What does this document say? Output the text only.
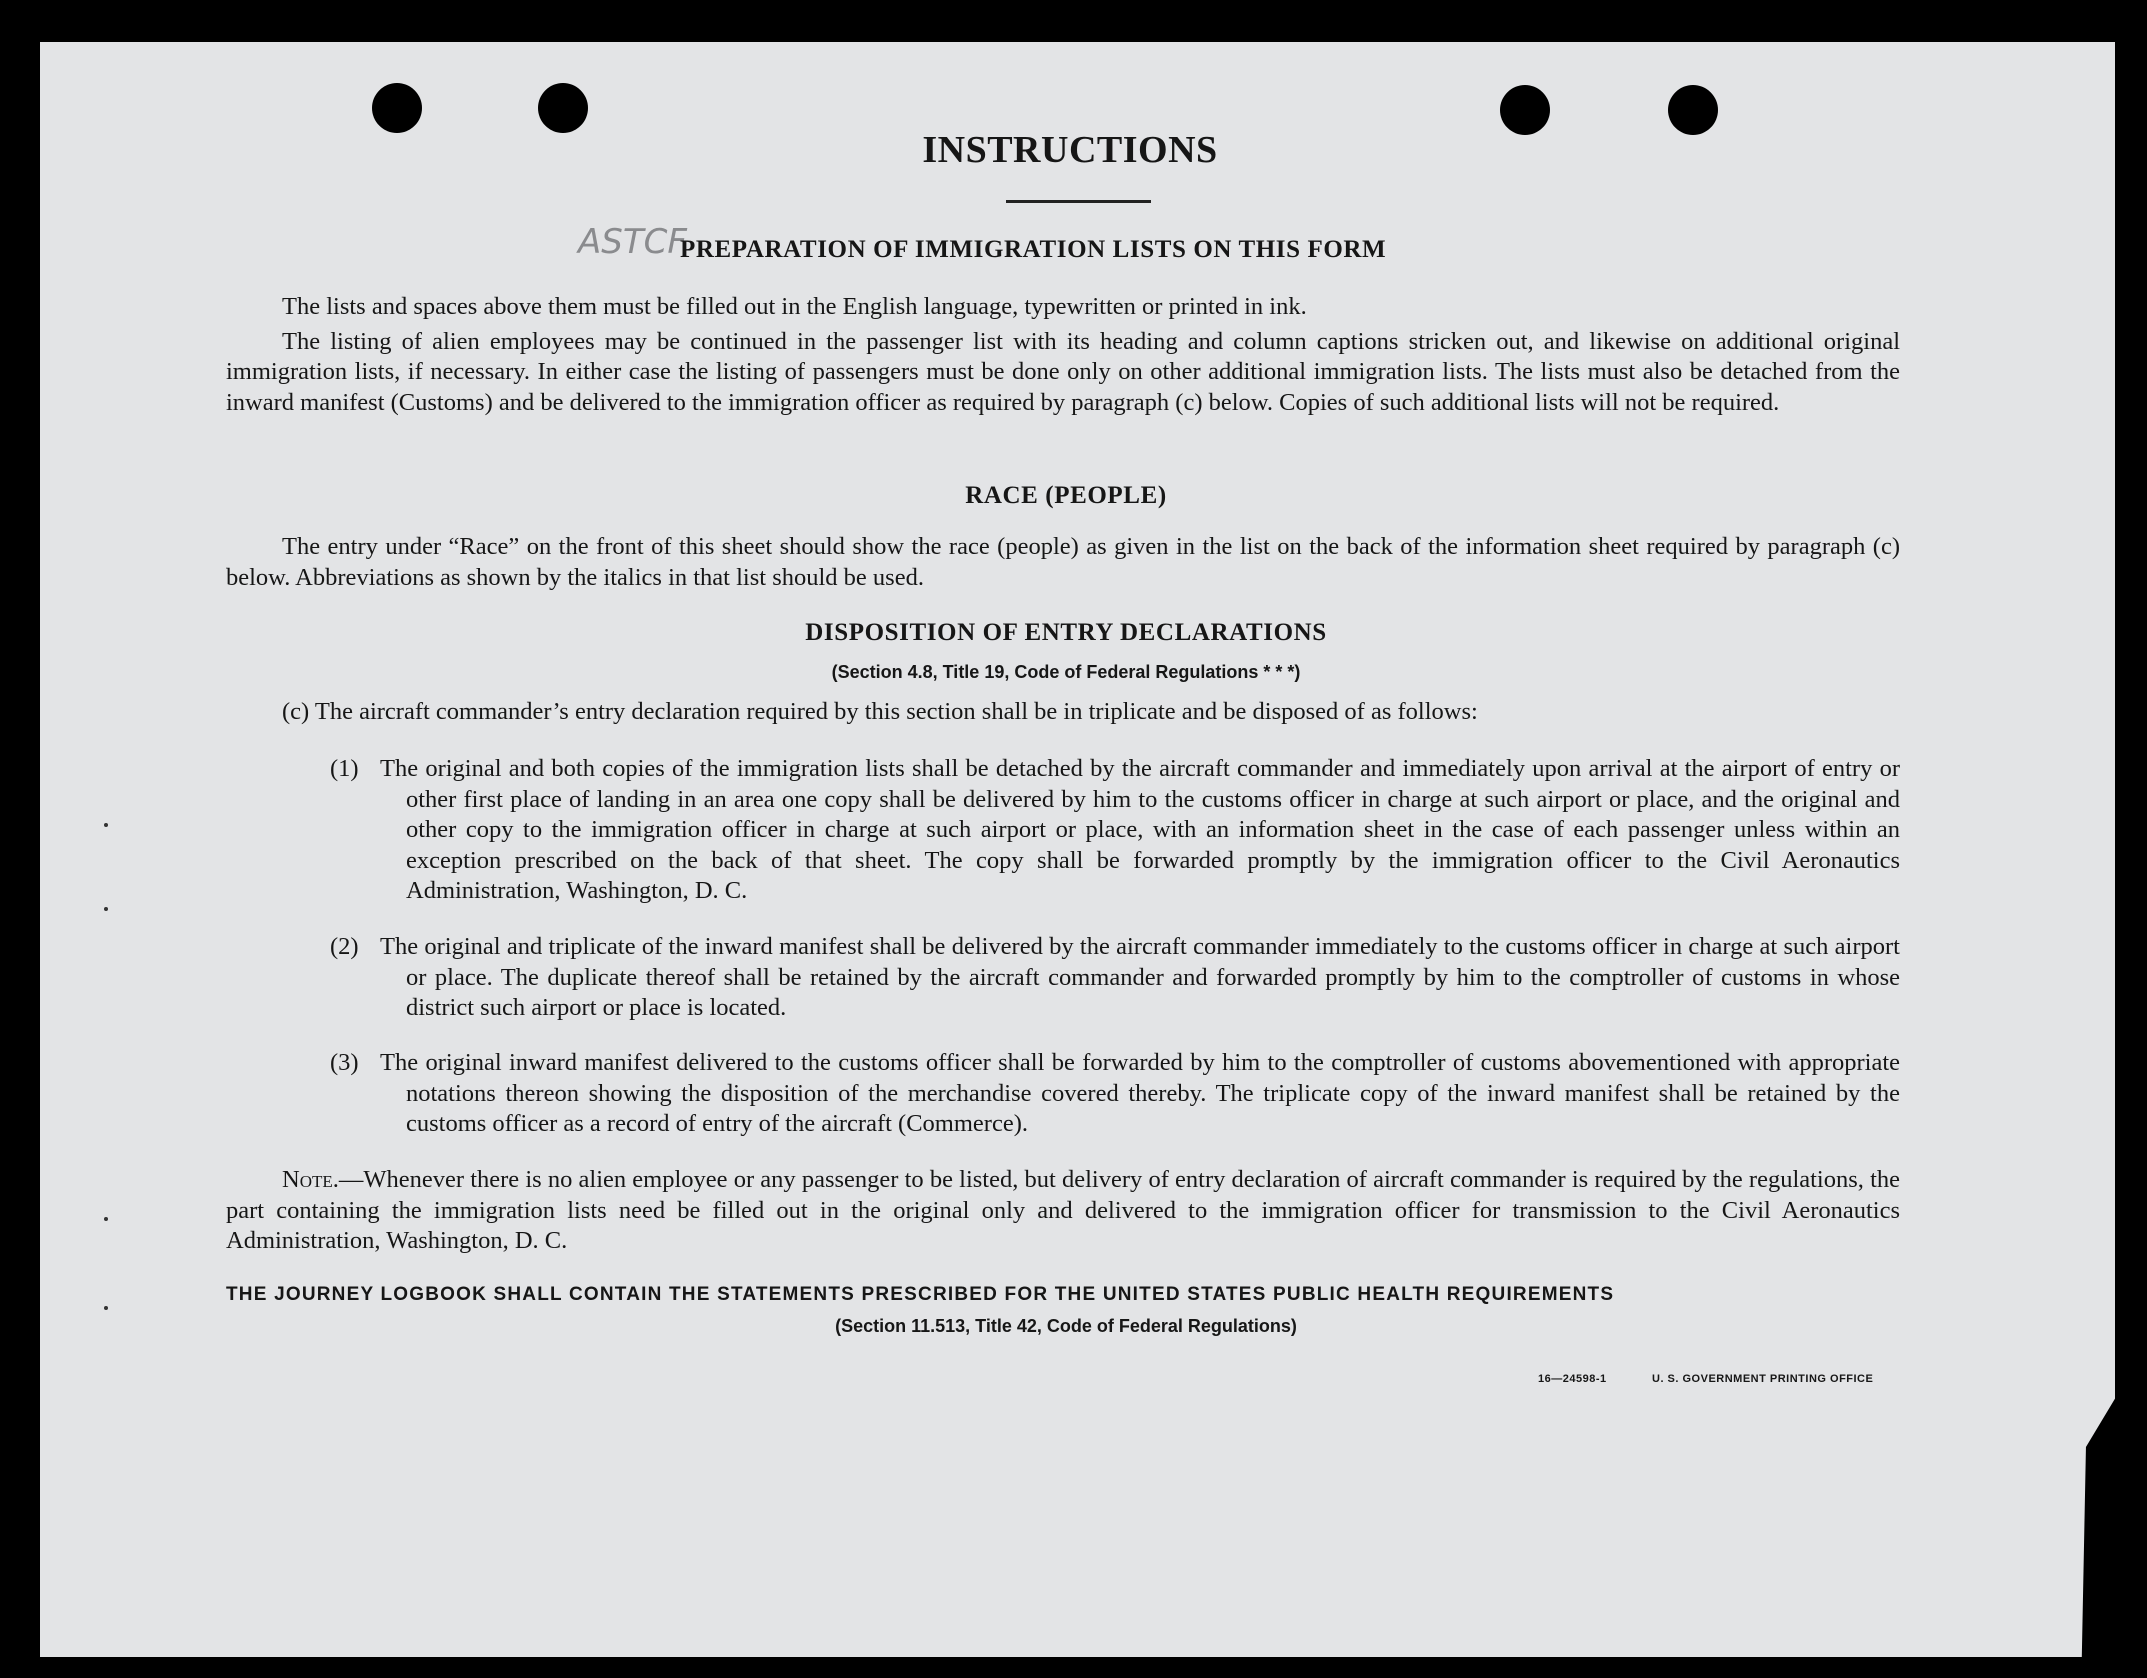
INSTRUCTIONS
ASTCF
PREPARATION OF IMMIGRATION LISTS ON THIS FORM
The lists and spaces above them must be filled out in the English language, typewritten or printed in ink.
The listing of alien employees may be continued in the passenger list with its heading and column captions stricken out, and likewise on additional original immigration lists, if necessary. In either case the listing of passengers must be done only on other additional immigration lists. The lists must also be detached from the inward manifest (Customs) and be delivered to the immigration officer as required by paragraph (c) below. Copies of such additional lists will not be required.
RACE (PEOPLE)
The entry under “Race” on the front of this sheet should show the race (people) as given in the list on the back of the information sheet required by paragraph (c) below. Abbreviations as shown by the italics in that list should be used.
DISPOSITION OF ENTRY DECLARATIONS
(Section 4.8, Title 19, Code of Federal Regulations * * *)
(c) The aircraft commander’s entry declaration required by this section shall be in triplicate and be disposed of as follows:
(1) The original and both copies of the immigration lists shall be detached by the aircraft commander and immediately upon arrival at the airport of entry or other first place of landing in an area one copy shall be delivered by him to the customs officer in charge at such airport or place, and the original and other copy to the immigration officer in charge at such airport or place, with an information sheet in the case of each passenger unless within an exception prescribed on the back of that sheet. The copy shall be forwarded promptly by the immigration officer to the Civil Aeronautics Administration, Washington, D. C.
(2) The original and triplicate of the inward manifest shall be delivered by the aircraft commander immediately to the customs officer in charge at such airport or place. The duplicate thereof shall be retained by the aircraft commander and forwarded promptly by him to the comptroller of customs in whose district such airport or place is located.
(3) The original inward manifest delivered to the customs officer shall be forwarded by him to the comptroller of customs abovementioned with appropriate notations thereon showing the disposition of the merchandise covered thereby. The triplicate copy of the inward manifest shall be retained by the customs officer as a record of entry of the aircraft (Commerce).
Note.—Whenever there is no alien employee or any passenger to be listed, but delivery of entry declaration of aircraft commander is required by the regulations, the part containing the immigration lists need be filled out in the original only and delivered to the immigration officer for transmission to the Civil Aeronautics Administration, Washington, D. C.
THE JOURNEY LOGBOOK SHALL CONTAIN THE STATEMENTS PRESCRIBED FOR THE UNITED STATES PUBLIC HEALTH REQUIREMENTS
(Section 11.513, Title 42, Code of Federal Regulations)
16—24598-1	U. S. GOVERNMENT PRINTING OFFICE
